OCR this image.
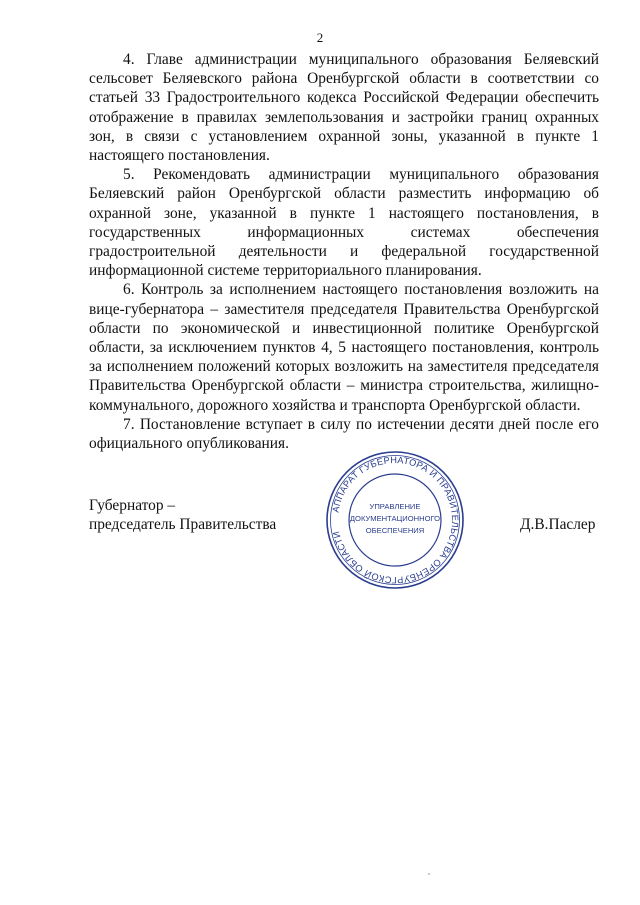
2

4. Главе администрации муниципального образования Беляевский сельсовет Беляевского района Оренбургской области в соответствии со статьей 33 Градостроительного кодекса Российской Федерации обеспечить отображение в правилах землепользования и застройки границ охранных зон, в связи с установлением охранной зоны, указанной в пункте 1 настоящего постановления.

5. Рекомендовать администрации муниципального образования Беляевский район Оренбургской области разместить информацию об охранной зоне, указанной в пункте 1 настоящего постановления, в государственных информационных системах обеспечения градостроительной деятельности и федеральной государственной информационной системе территориального планирования.

6. Контроль за исполнением настоящего постановления возложить на вице-губернатора – заместителя председателя Правительства Оренбургской области по экономической и инвестиционной политике Оренбургской области, за исключением пунктов 4, 5 настоящего постановления, контроль за исполнением положений которых возложить на заместителя председателя Правительства Оренбургской области – министра строительства, жилищно-коммунального, дорожного хозяйства и транспорта Оренбургской области.

7. Постановление вступает в силу по истечении десяти дней после его официального опубликования.

Губернатор –
председатель Правительства
АППАРАТ ГУБЕРНАТОРА И ПРАВИТЕЛЬСТВА ОРЕНБУРГСКОЙ ОБЛАСТИ
УПРАВЛЕНИЕ
ДОКУМЕНТАЦИОННОГО
ОБЕСПЕЧЕНИЯ	Д.В.Паслер
